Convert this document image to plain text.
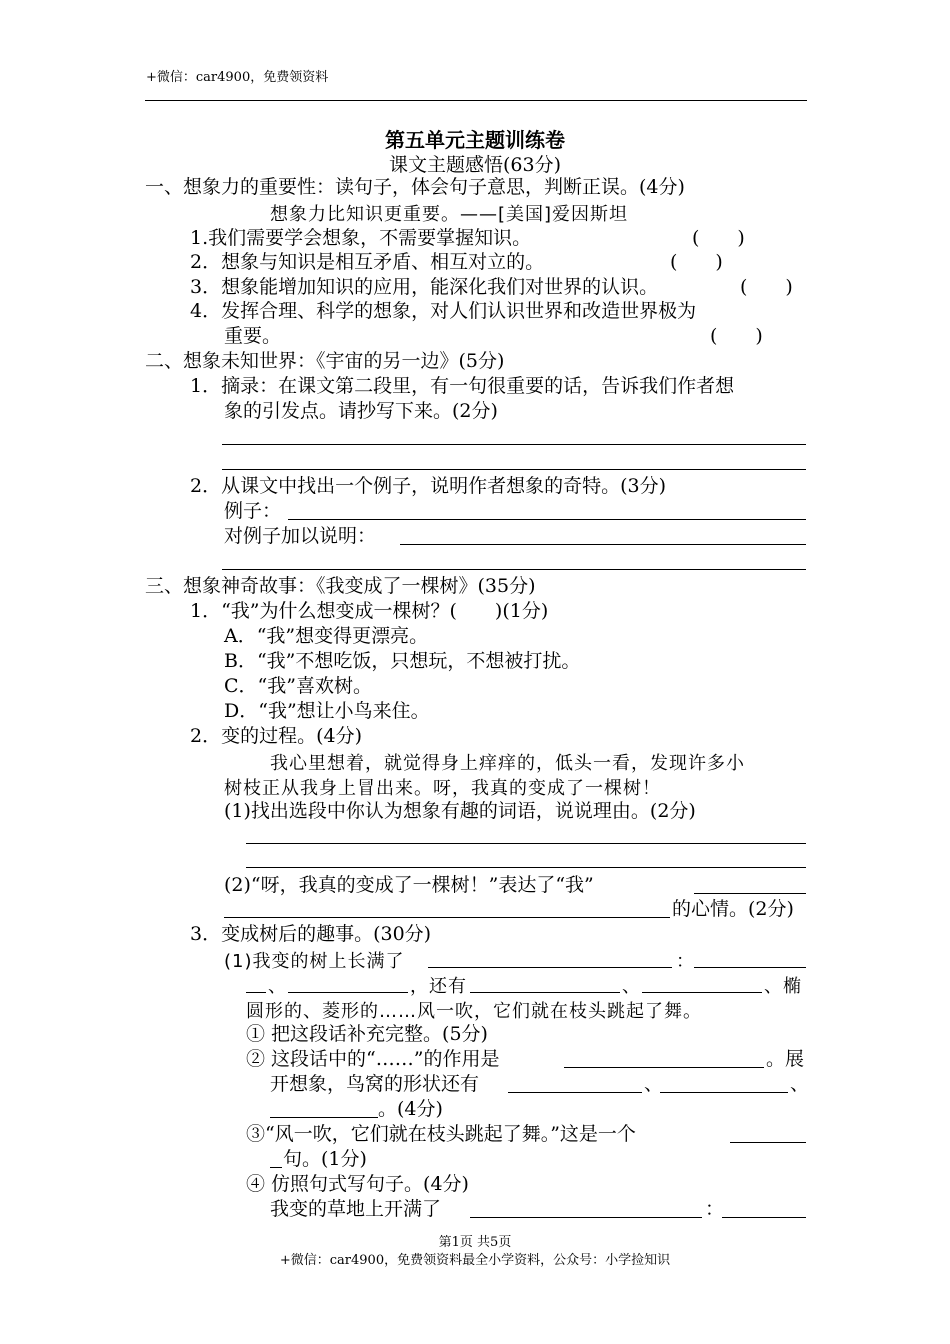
+微信：car4900，免费领资料
第五单元主题训练卷
课文主题感悟(63分)
一、想象力的重要性：读句子，体会句子意思，判断正误。(4分)
想象力比知识更重要。——[美国]爱因斯坦
1.我们需要学会想象，不需要掌握知识。	(　　)
2．想象与知识是相互矛盾、相互对立的。	(　　)
3．想象能增加知识的应用，能深化我们对世界的认识。	(　　)
4．发挥合理、科学的想象，对人们认识世界和改造世界极为
重要。	(　　)
二、想象未知世界：《宇宙的另一边》(5分)
1．摘录：在课文第二段里，有一句很重要的话，告诉我们作者想
象的引发点。请抄写下来。(2分)
2．从课文中找出一个例子，说明作者想象的奇特。(3分)
例子：
对例子加以说明：
三、想象神奇故事：《我变成了一棵树》(35分)
1．“我”为什么想变成一棵树？(　　)(1分)
A．“我”想变得更漂亮。
B．“我”不想吃饭，只想玩，不想被打扰。
C．“我”喜欢树。
D．“我”想让小鸟来住。
2．变的过程。(4分)
我心里想着，就觉得身上痒痒的，低头一看，发现许多小
树枝正从我身上冒出来。呀，我真的变成了一棵树！
(1)找出选段中你认为想象有趣的词语，说说理由。(2分)
(2)“呀，我真的变成了一棵树！”表达了“我”
的心情。(2分)
3．变成树后的趣事。(30分)
(1)我变的树上长满了	：
、	，还有	、	、椭
圆形的、菱形的……风一吹，它们就在枝头跳起了舞。
① 把这段话补充完整。(5分)
② 这段话中的“……”的作用是	。展
开想象，鸟窝的形状还有	、	、
。(4分)
③“风一吹，它们就在枝头跳起了舞。”这是一个
句。(1分)
④ 仿照句式写句子。(4分)
我变的草地上开满了	：
第1页 共5页
+微信：car4900，免费领资料最全小学资料，公众号：小学捡知识
